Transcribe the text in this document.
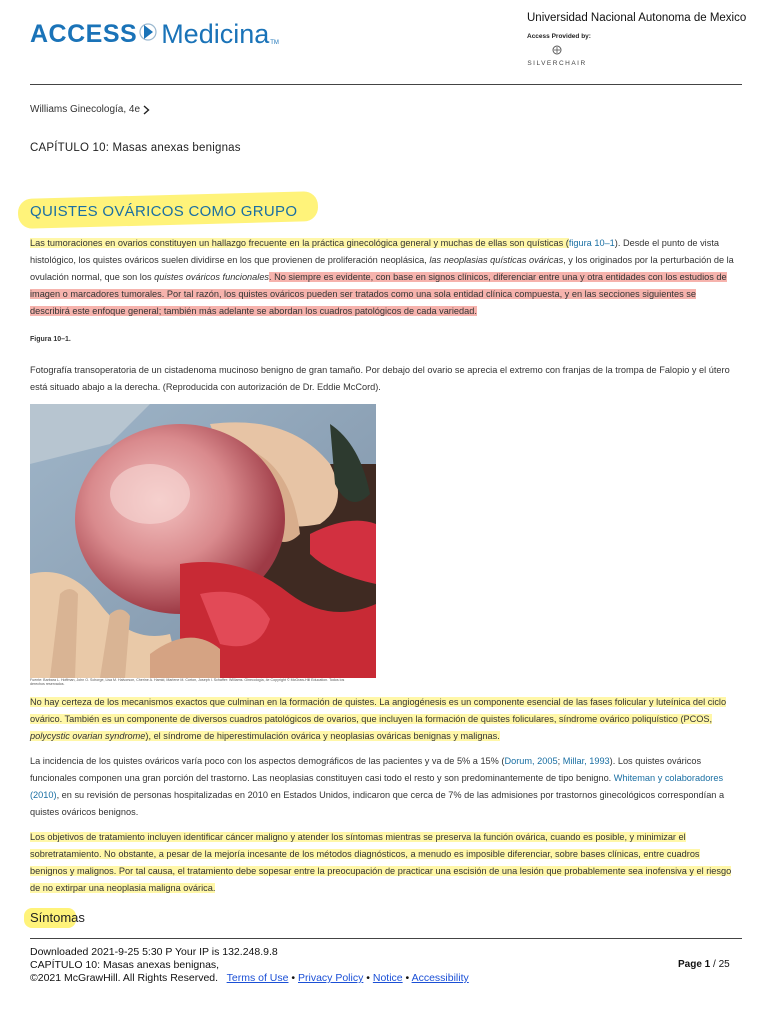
ACCESS Medicina TM
Universidad Nacional Autonoma de Mexico
Access Provided by:
SILVERCHAIR
Williams Ginecología, 4e
CAPÍTULO 10: Masas anexas benignas
QUISTES OVÁRICOS COMO GRUPO
Las tumoraciones en ovarios constituyen un hallazgo frecuente en la práctica ginecológica general y muchas de ellas son quísticas (figura 10–1). Desde el punto de vista histológico, los quistes ováricos suelen dividirse en los que provienen de proliferación neoplásica, las neoplasias quísticas ováricas, y los originados por la perturbación de la ovulación normal, que son los quistes ováricos funcionales. No siempre es evidente, con base en signos clínicos, diferenciar entre una y otra entidades con los estudios de imagen o marcadores tumorales. Por tal razón, los quistes ováricos pueden ser tratados como una sola entidad clínica compuesta, y en las secciones siguientes se describirá este enfoque general; también más adelante se abordan los cuadros patológicos de cada variedad.
Figura 10–1.
Fotografía transoperatoria de un cistadenoma mucinoso benigno de gran tamaño. Por debajo del ovario se aprecia el extremo con franjas de la trompa de Falopio y el útero está situado abajo a la derecha. (Reproducida con autorización de Dr. Eddie McCord).
Fuente: Barbara L. Hoffman, John O. Schorge, Lisa M. Halvorson, Cherine A. Hamid, Marlene M. Corton, Joseph I. Schaffer: Williams. Ginecología, 4e Copyright © McGraw-Hill Education. Todos los derechos reservados.
No hay certeza de los mecanismos exactos que culminan en la formación de quistes. La angiogénesis es un componente esencial de las fases folicular y luteínica del ciclo ovárico. También es un componente de diversos cuadros patológicos de ovarios, que incluyen la formación de quistes foliculares, síndrome ovárico poliquístico (PCOS, polycystic ovarian syndrome), el síndrome de hiperestimulación ovárica y neoplasias ováricas benignas y malignas.
La incidencia de los quistes ováricos varía poco con los aspectos demográficos de las pacientes y va de 5% a 15% (Dorum, 2005; Millar, 1993). Los quistes ováricos funcionales componen una gran porción del trastorno. Las neoplasias constituyen casi todo el resto y son predominantemente de tipo benigno. Whiteman y colaboradores (2010), en su revisión de personas hospitalizadas en 2010 en Estados Unidos, indicaron que cerca de 7% de las admisiones por trastornos ginecológicos correspondían a quistes ováricos benignos.
Los objetivos de tratamiento incluyen identificar cáncer maligno y atender los síntomas mientras se preserva la función ovárica, cuando es posible, y minimizar el sobretratamiento. No obstante, a pesar de la mejoría incesante de los métodos diagnósticos, a menudo es imposible diferenciar, sobre bases clínicas, entre cuadros benignos y malignos. Por tal causa, el tratamiento debe sopesar entre la preocupación de practicar una escisión de una lesión que probablemente sea inofensiva y el riesgo de no extirpar una neoplasia maligna ovárica.
Síntomas
Downloaded 2021-9-25 5:30 P Your IP is 132.248.9.8
CAPÍTULO 10: Masas anexas benignas,
©2021 McGrawHill. All Rights Reserved. Terms of Use • Privacy Policy • Notice • Accessibility
Page 1 / 25
